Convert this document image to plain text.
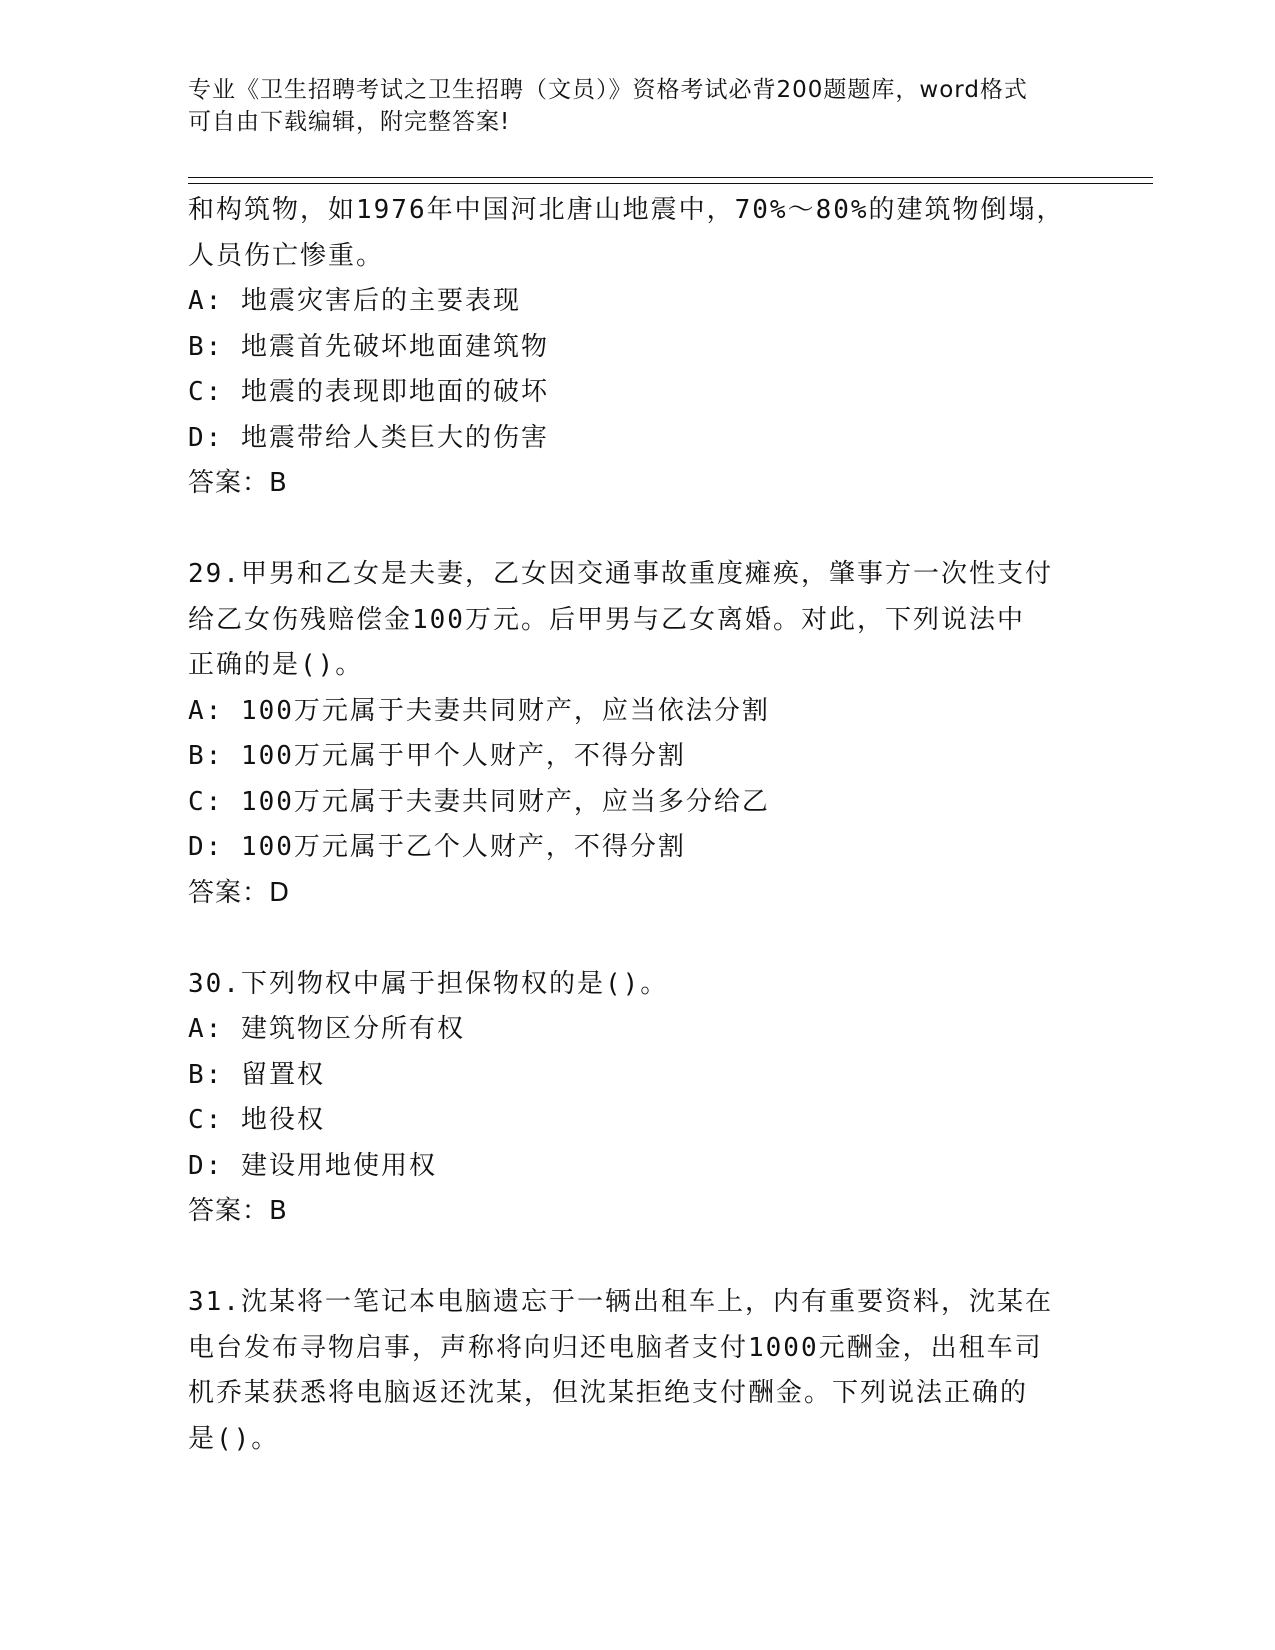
专业《卫生招聘考试之卫生招聘（文员）》资格考试必背200题题库，word格式
可自由下载编辑，附完整答案!
和构筑物，如1976年中国河北唐山地震中，70%～80%的建筑物倒塌，
人员伤亡惨重。
A: 地震灾害后的主要表现
B: 地震首先破坏地面建筑物
C: 地震的表现即地面的破坏
D: 地震带给人类巨大的伤害
答案：B
29.甲男和乙女是夫妻，乙女因交通事故重度瘫痪，肇事方一次性支付
给乙女伤残赔偿金100万元。后甲男与乙女离婚。对此，下列说法中
正确的是()。
A: 100万元属于夫妻共同财产，应当依法分割
B: 100万元属于甲个人财产，不得分割
C: 100万元属于夫妻共同财产，应当多分给乙
D: 100万元属于乙个人财产，不得分割
答案：D
30.下列物权中属于担保物权的是()。
A: 建筑物区分所有权
B: 留置权
C: 地役权
D: 建设用地使用权
答案：B
31.沈某将一笔记本电脑遗忘于一辆出租车上，内有重要资料，沈某在
电台发布寻物启事，声称将向归还电脑者支付1000元酬金，出租车司
机乔某获悉将电脑返还沈某，但沈某拒绝支付酬金。下列说法正确的
是()。
